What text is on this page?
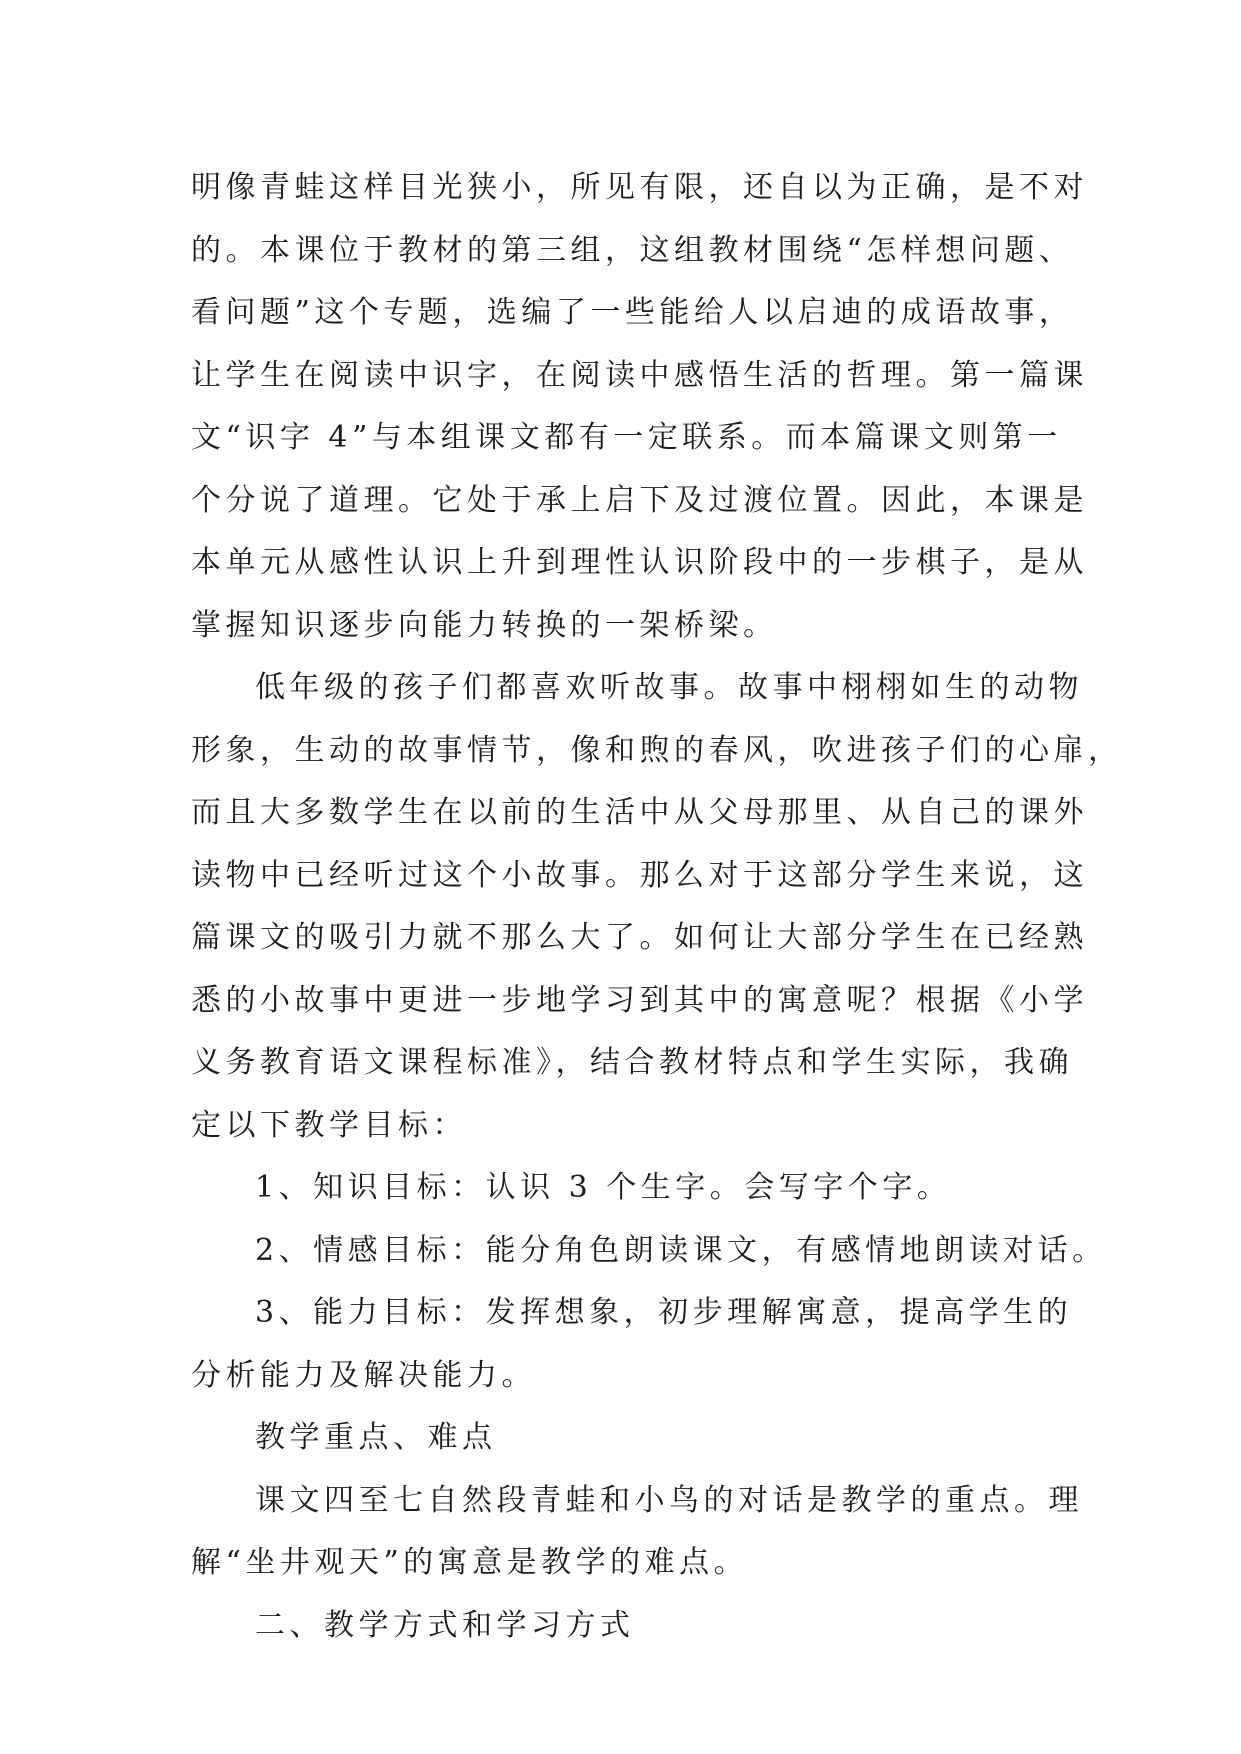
明像青蛙这样目光狭小，所见有限，还自以为正确，是不对
的。本课位于教材的第三组，这组教材围绕“怎样想问题、
看问题”这个专题，选编了一些能给人以启迪的成语故事，
让学生在阅读中识字，在阅读中感悟生活的哲理。第一篇课
文“识字 4”与本组课文都有一定联系。而本篇课文则第一
个分说了道理。它处于承上启下及过渡位置。因此，本课是
本单元从感性认识上升到理性认识阶段中的一步棋子，是从
掌握知识逐步向能力转换的一架桥梁。

低年级的孩子们都喜欢听故事。故事中栩栩如生的动物
形象，生动的故事情节，像和煦的春风，吹进孩子们的心扉，
而且大多数学生在以前的生活中从父母那里、从自己的课外
读物中已经听过这个小故事。那么对于这部分学生来说，这
篇课文的吸引力就不那么大了。如何让大部分学生在已经熟
悉的小故事中更进一步地学习到其中的寓意呢？根据《小学
义务教育语文课程标准》，结合教材特点和学生实际，我确
定以下教学目标：

1、知识目标：认识 3 个生字。会写字个字。

2、情感目标：能分角色朗读课文，有感情地朗读对话。

3、能力目标：发挥想象，初步理解寓意，提高学生的
分析能力及解决能力。

教学重点、难点

课文四至七自然段青蛙和小鸟的对话是教学的重点。理
解“坐井观天”的寓意是教学的难点。

二、教学方式和学习方式
